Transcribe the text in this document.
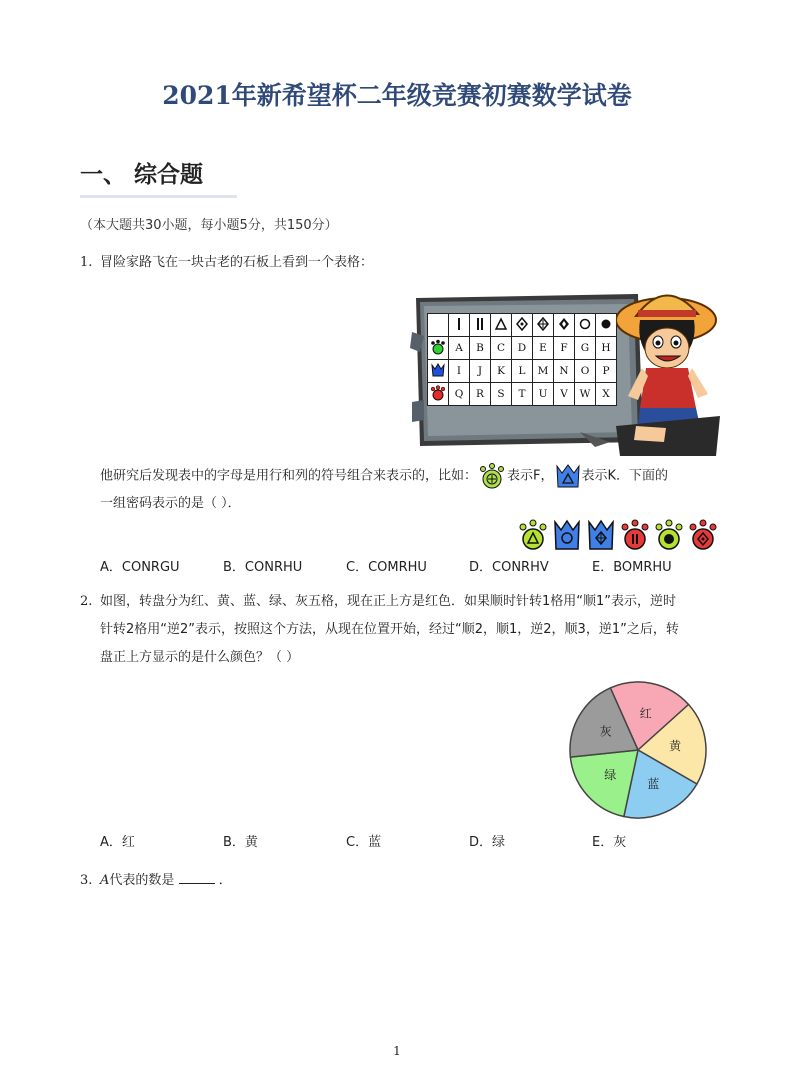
2021年新希望杯二年级竞赛初赛数学试卷
一、 综合题
（本大题共30小题，每小题5分，共150分）
1. 冒险家路飞在一块古老的石板上看到一个表格：

	A	B	C	D	E	F	G	H
	I	J	K	L	M	N	O	P
	Q	R	S	T	U	V	W	X
他研究后发现表中的字母是用行和列的符号组合来表示的，比如： 表示F， 表示K．下面的
一组密码表示的是（ ）．
A．CONRGU	B．CONRHU	C．COMRHU	D．CONRHV	E．BOMRHU
2. 如图，转盘分为红、黄、蓝、绿、灰五格，现在正上方是红色．如果顺时针转1格用“顺1”表示，逆时
针转2格用“逆2”表示，按照这个方法，从现在位置开始，经过“顺2，顺1，逆2，顺3，逆1”之后，转
盘正上方显示的是什么颜色？（ ）
红
黄
蓝
绿
灰
A．红	B．黄	C．蓝	D．绿	E．灰
3. A代表的数是	．
1
